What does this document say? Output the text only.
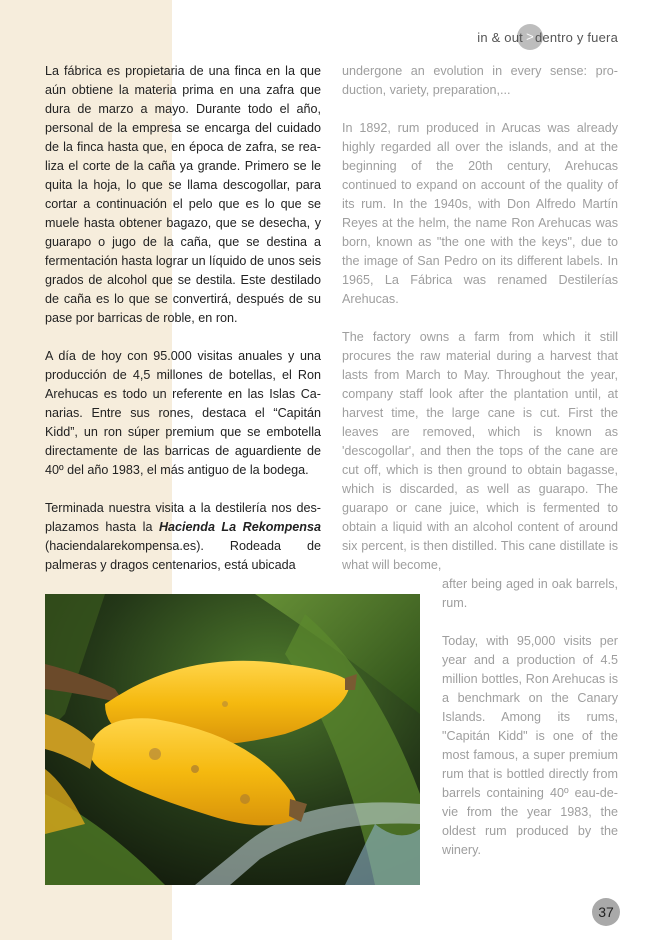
in & out > dentro y fuera

La fábrica es propietaria de una finca en la que aún obtiene la materia prima en una zafra que dura de marzo a mayo. Durante todo el año, personal de la empresa se encarga del cuidado de la finca hasta que, en época de zafra, se realiza el corte de la caña ya grande. Primero se le quita la hoja, lo que se llama descogollar, para cortar a continuación el pelo que es lo que se muele hasta obtener bagazo, que se desecha, y guarapo o jugo de la caña, que se destina a fermentación hasta lograr un líquido de unos seis grados de alcohol que se destila. Este destilado de caña es lo que se convertirá, después de su pase por barricas de roble, en ron.

A día de hoy con 95.000 visitas anuales y una producción de 4,5 millones de botellas, el Ron Arehucas es todo un referente en las Islas Canarias. Entre sus rones, destaca el “Capitán Kidd”, un ron súper premium que se embotella directamente de las barricas de aguardiente de 40º del año 1983, el más antiguo de la bodega.

Terminada nuestra visita a la destilería nos desplazamos hasta la Hacienda La Rekompensa (haciendalarekompensa.es). Rodeada de palmeras y dragos centenarios, está ubicada

undergone an evolution in every sense: production, variety, preparation,...

In 1892, rum produced in Arucas was already highly regarded all over the islands, and at the beginning of the 20th century, Arehucas continued to expand on account of the quality of its rum. In the 1940s, with Don Alfredo Martín Reyes at the helm, the name Ron Arehucas was born, known as "the one with the keys", due to the image of San Pedro on its different labels. In 1965, La Fábrica was renamed Destilerías Arehucas.

The factory owns a farm from which it still procures the raw material during a harvest that lasts from March to May. Throughout the year, company staff look after the plantation until, at harvest time, the large cane is cut. First the leaves are removed, which is known as 'descogollar', and then the tops of the cane are cut off, which is then ground to obtain bagasse, which is discarded, as well as guarapo. The guarapo or cane juice, which is fermented to obtain a liquid with an alcohol content of around six percent, is then distilled. This cane distillate is what will become,

after being aged in oak barrels, rum.

Today, with 95,000 visits per year and a production of 4.5 million bottles, Ron Arehucas is a benchmark on the Canary Islands. Among its rums, "Capitán Kidd" is one of the most famous, a super premium rum that is bottled directly from barrels containing 40º eau-de-vie from the year 1983, the oldest rum produced by the winery.

37
